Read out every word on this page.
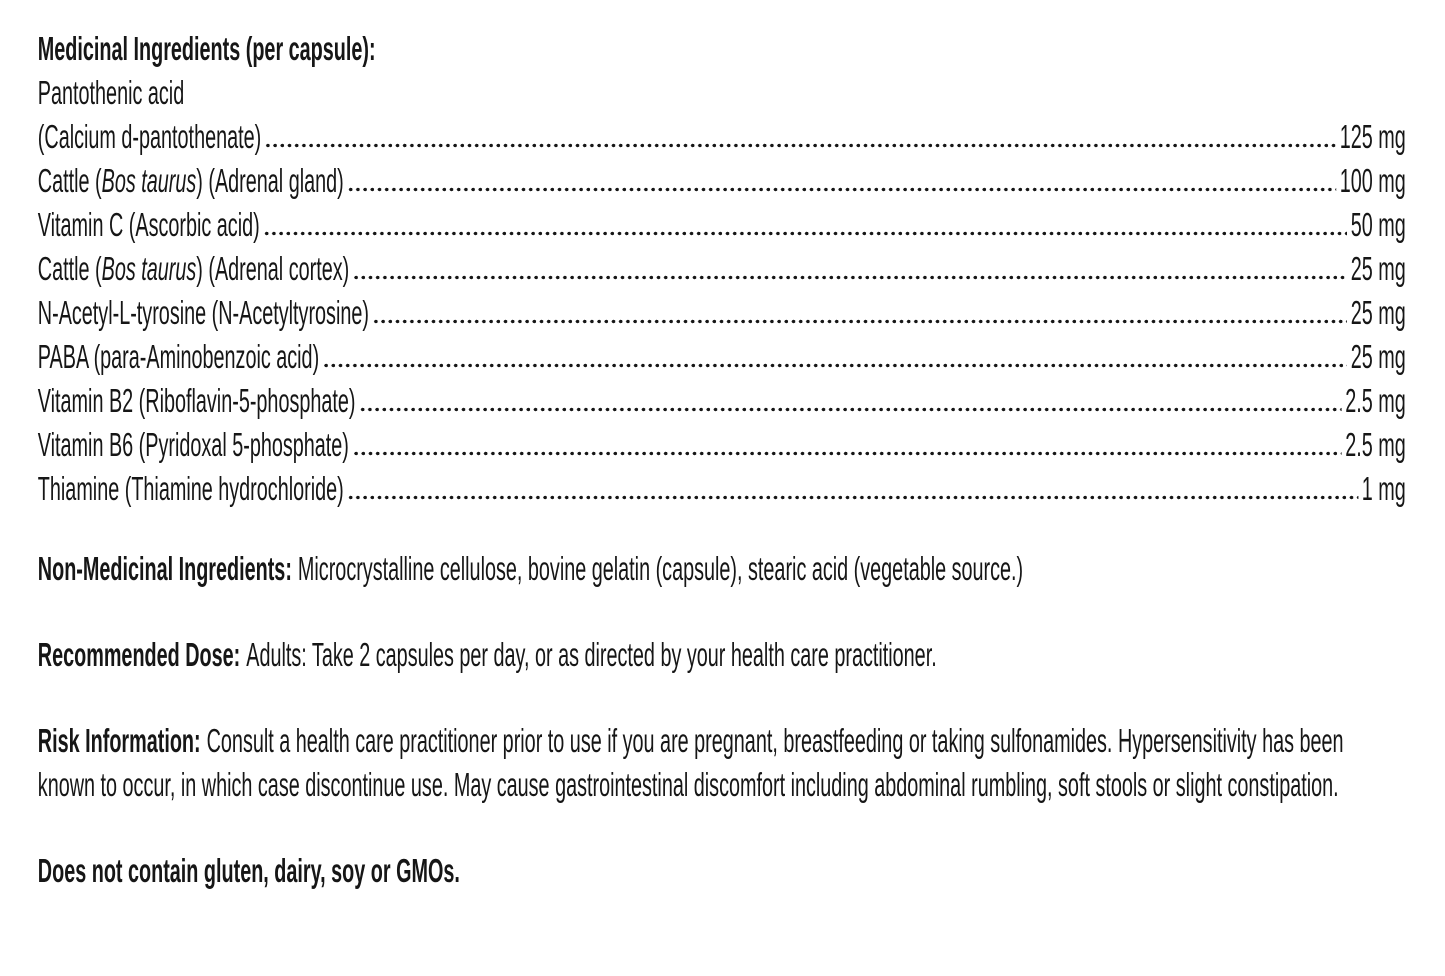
Medicinal Ingredients (per capsule):
Pantothenic acid
(Calcium d-pantothenate)	125 mg
Cattle (Bos taurus) (Adrenal gland)	100 mg
Vitamin C (Ascorbic acid)	50 mg
Cattle (Bos taurus) (Adrenal cortex)	25 mg
N-Acetyl-L-tyrosine (N-Acetyltyrosine)	25 mg
PABA (para-Aminobenzoic acid)	25 mg
Vitamin B2 (Riboflavin-5-phosphate)	2.5 mg
Vitamin B6 (Pyridoxal 5-phosphate)	2.5 mg
Thiamine (Thiamine hydrochloride)	1 mg

Non-Medicinal Ingredients: Microcrystalline cellulose, bovine gelatin (capsule), stearic acid (vegetable source.)

Recommended Dose: Adults: Take 2 capsules per day, or as directed by your health care practitioner.

Risk Information: Consult a health care practitioner prior to use if you are pregnant, breastfeeding or taking sulfonamides. Hypersensitivity has been known to occur, in which case discontinue use. May cause gastrointestinal discomfort including abdominal rumbling, soft stools or slight constipation.

Does not contain gluten, dairy, soy or GMOs.
